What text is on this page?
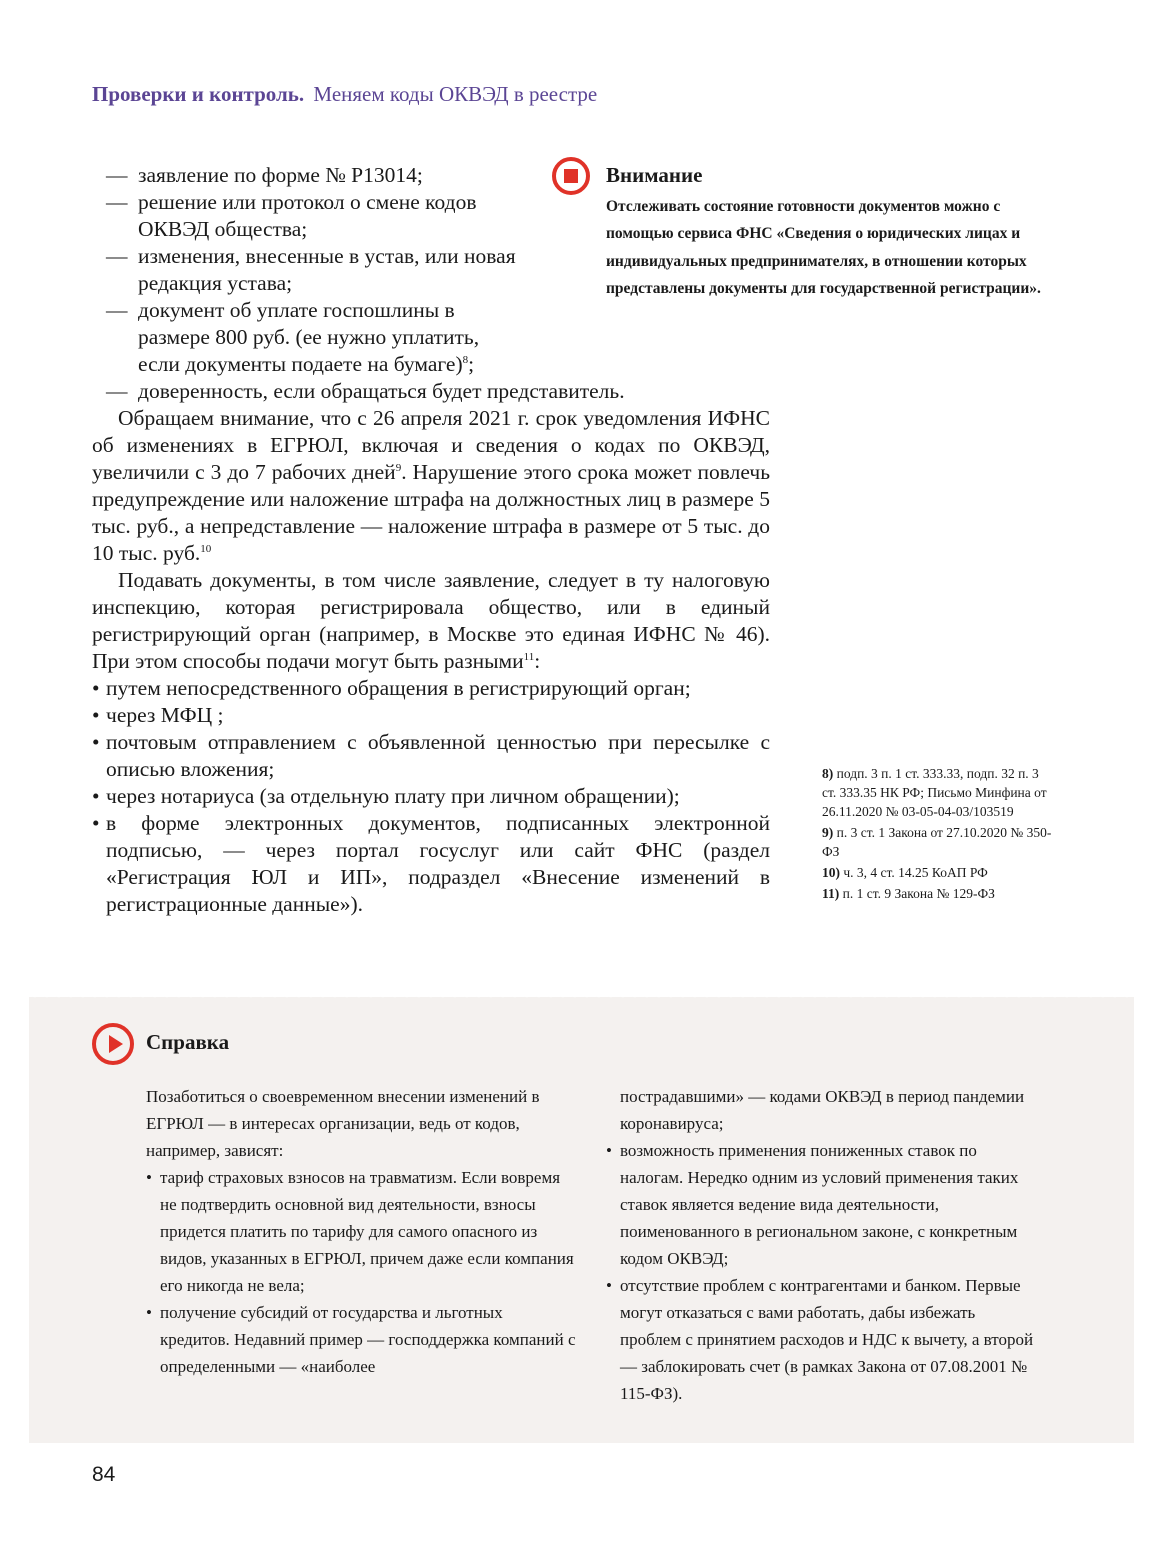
Проверки и контроль. Меняем коды ОКВЭД в реестре
— заявление по форме № Р13014;
— решение или протокол о смене кодов ОКВЭД общества;
— изменения, внесенные в устав, или новая редакция устава;
— документ об уплате госпошлины в размере 800 руб. (ее нужно уплатить, если документы подаете на бумаге)$^8$;
— доверенность, если обращаться будет представитель.

Обращаем внимание, что с 26 апреля 2021 г. срок уведомления ИФНС об изменениях в ЕГРЮЛ, включая и сведения о кодах по ОКВЭД, увеличили с 3 до 7 рабочих дней$^9$. Нарушение этого срока может повлечь предупреждение или наложение штрафа на должностных лиц в размере 5 тыс. руб., а непредставление — наложение штрафа в размере от 5 тыс. до 10 тыс. руб.$^{10}$

Подавать документы, в том числе заявление, следует в ту налоговую инспекцию, которая регистрировала общество, или в единый регистрирующий орган (например, в Москве это единая ИФНС № 46). При этом способы подачи могут быть разными$^{11}$:

• путем непосредственного обращения в регистрирующий орган;
• через МФЦ ;
• почтовым отправлением с объявленной ценностью при пересылке с описью вложения;
• через нотариуса (за отдельную плату при личном обращении);
• в форме электронных документов, подписанных электронной подписью, — через портал госуслуг или сайт ФНС (раздел «Регистрация ЮЛ и ИП», подраздел «Внесение изменений в регистрационные данные»).
Внимание
Отслеживать состояние готовности документов можно с помощью сервиса ФНС «Сведения о юридических лицах и индивидуальных предпринимателях, в отношении которых представлены документы для государственной регистрации».
8) подп. 3 п. 1 ст. 333.33, подп. 32 п. 3 ст. 333.35 НК РФ; Письмо Минфина от 26.11.2020 № 03-05-04-03/103519
9) п. 3 ст. 1 Закона от 27.10.2020 № 350-ФЗ
10) ч. 3, 4 ст. 14.25 КоАП РФ
11) п. 1 ст. 9 Закона № 129-ФЗ
Справка

Позаботиться о своевременном внесении изменений в ЕГРЮЛ — в интересах организации, ведь от кодов, например, зависят:

• тариф страховых взносов на травматизм. Если вовремя не подтвердить основной вид деятельности, взносы придется платить по тарифу для самого опасного из видов, указанных в ЕГРЮЛ, причем даже если компания его никогда не вела;
• получение субсидий от государства и льготных кредитов. Недавний пример — господдержка компаний с определенными — «наиболее

пострадавшими» — кодами ОКВЭД в период пандемии коронавируса;

• возможность применения пониженных ставок по налогам. Нередко одним из условий применения таких ставок является ведение вида деятельности, поименованного в региональном законе, с конкретным кодом ОКВЭД;
• отсутствие проблем с контрагентами и банком. Первые могут отказаться с вами работать, дабы избежать проблем с принятием расходов и НДС к вычету, а второй — заблокировать счет (в рамках Закона от 07.08.2001 № 115-ФЗ).
84
